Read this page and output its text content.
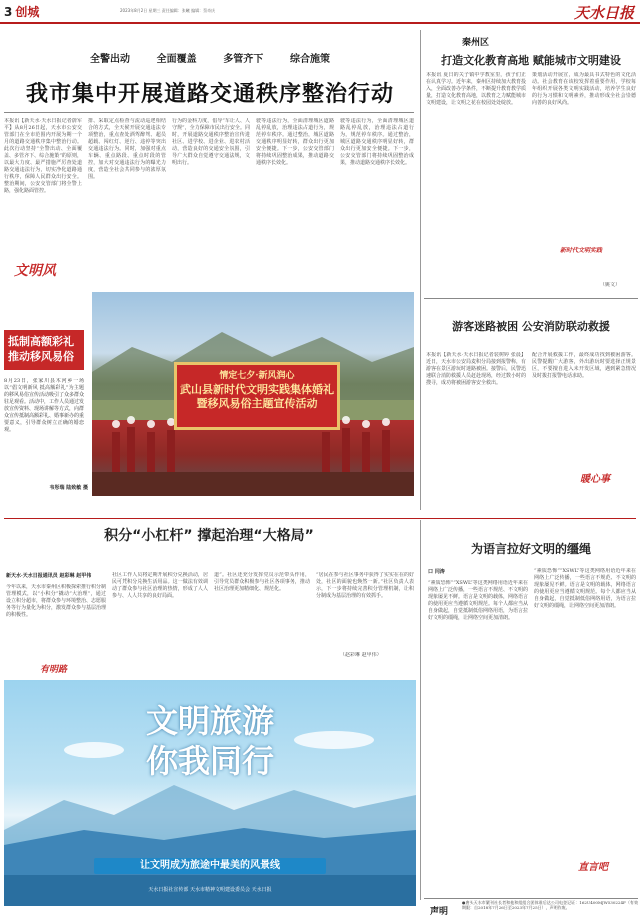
3 创城	2023年8月2日 星期三 责任编辑：张曦 编辑：蔡奇庆	天水日报
全警出动	全面覆盖	多管齐下	综合施策
我市集中开展道路交通秩序整治行动
本报讯【新天水·天水日报记者蔚军平】从8月26日起，天水市公安交管部门在全市范围内开展为期一个月的道路交通秩序集中整治行动。此次行动坚持“全警出动、全面覆盖、多管齐下、综合施策”的原则，以最大力度、最严措施严厉查处道路交通违法行为，切实净化道路通行秩序，保障人民群众出行安全。整治期间，公安交管部门将全警上路，强化路面管控。
排、采取定点检查与流动巡逻相结合的方式，全天候开展交通违法专项整治，重点查处酒驾醉驾、超员超载、闯红灯、逆行、违停等突出交通违法行为。同时，加强对重点车辆、重点路段、重点时段的管控，加大对交通违法行为的曝光力度，营造全社会共同参与的浓厚氛围。
行为的金科力度，倡导“车让人、人守规”，全力保障市民出行安全。同时，开展道路交通秩序整治宣传进社区、进学校、进企业、进农村活动，营造良好的交通安全氛围，引导广大群众自觉遵守交通法规，文明出行。
驶等违法行为，全面清理城区道路乱停乱放，治理违法占道行为，规范停车秩序。通过整治，城区道路交通秩序明显好转，群众出行更加安全便捷。下一步，公安交管部门将持续巩固整治成果，推动道路交通秩序长效化。
驶等违法行为，全面清理城区道路乱停乱放，治理违法占道行为，规范停车秩序。通过整治，城区道路交通秩序明显好转，群众出行更加安全便捷。下一步，公安交管部门将持续巩固整治成果，推动道路交通秩序长效化。
文明风
抵制高额彩礼
推动移风易俗
8月23日，张家川县木河乡一场以“倡文明新风 抵高额彩礼”为主题的移风易俗宣传活动吸引了众多群众驻足观看。活动中，工作人员通过发放宣传资料、现场讲解等方式，向群众宣传抵制高额彩礼、婚事新办的重要意义，引导群众树立正确的婚恋观。
韦彤瑞 陆致敏 摄
情定七夕·新风润心
武山县新时代文明实践集体婚礼
暨移风易俗主题宣传活动
秦州区
打造文化教育高地 赋能城市文明建设
本报讯 夏日的关子镇中学教室里，孩子们正在认真学习。近年来，秦州区持续加大教育投入，全面改善办学条件，不断提升教育教学质量，打造文化教育高地，以教育之力赋能城市文明建设，让文明之花在校园处处绽放。
策划活动开展宣，成为最具书式特色的文化活动。社会教育在该校发挥着重要作用，学校每年组织开展各类文明实践活动，培养学生良好的行为习惯和文明素养，推动形成全社会崇德向善的良好风尚。
新时代文明实践
（姚文）
游客迷路被困 公安消防联动救援
本报讯【新天水·天水日报记者装树婷 张晨】近日，天水市公安局麦积分局接到报警称，有游客在景区游玩时迷路被困。接警后，民警迅速联合消防救援人员赶赴现场，经过数小时的搜寻，成功将被困游客安全救出。
配合开展救援工作，最终成功找到被困游客。民警提醒广大游客，外出游玩时要选择正规景区，不要擅自进入未开发区域，遇到紧急情况及时拨打报警电话求助。
暖心事
积分“小杠杆” 撑起治理“大格局”
新天水·天水日报通讯员 赵彩琳 赵甲伟
今年以来，天水市秦州区积极探索推行积分制管理模式，以“小积分”撬动“大治理”，通过设立积分超市，将群众参与环境整治、志愿服务等行为量化为积分，激发群众参与基层治理的积极性。
社区工作人员将定期开展积分兑换活动，居民可凭积分兑换生活用品。这一做法有效调动了群众参与社区治理的热情，形成了人人参与、人人共享的良好局面。
道”。社区还充分发挥党员示范带头作用，引导党员群众积极参与社区各项事务，推动社区治理更加精细化、规范化。
“居民在参与社区事务中获得了实实在在的好处，社区的面貌也焕然一新。”社区负责人表示，下一步将持续完善积分管理机制，让积分制成为基层治理的有效抓手。
有明路
（赵彩琳 赵甲伟）
文明旅游
你我同行
让文明成为旅途中最美的风景线
天水日报社宣传部 天水市精神文明建设委员会 天水日报
为语言拉好文明的缰绳
口 闫涛
“素质恐怖”“XSWL”等这类网络用语近年来在网络上广泛传播，一些语言不规范、不文明的现象屡见不鲜。语言是文明的载体，网络语言的使用更应当遵循文明规范。每个人都应当从自身做起，自觉抵制低俗网络用语，为语言拉好文明的缰绳，让网络空间更加清朗。
“素质恐怖”“XSWL”等这类网络用语近年来在网络上广泛传播，一些语言不规范、不文明的现象屡见不鲜。语言是文明的载体，网络语言的使用更应当遵循文明规范。每个人都应当从自身做起，自觉抵制低俗网络用语，为语言拉好文明的缰绳，让网络空间更加清朗。
直言吧
声明
●唐头天水市繁刊社长者和他和组组合团体谁后达公司电登记证：162U400MJW530224F（有效期限：自2018年7月26日至2023年7月25日），声明作废。
